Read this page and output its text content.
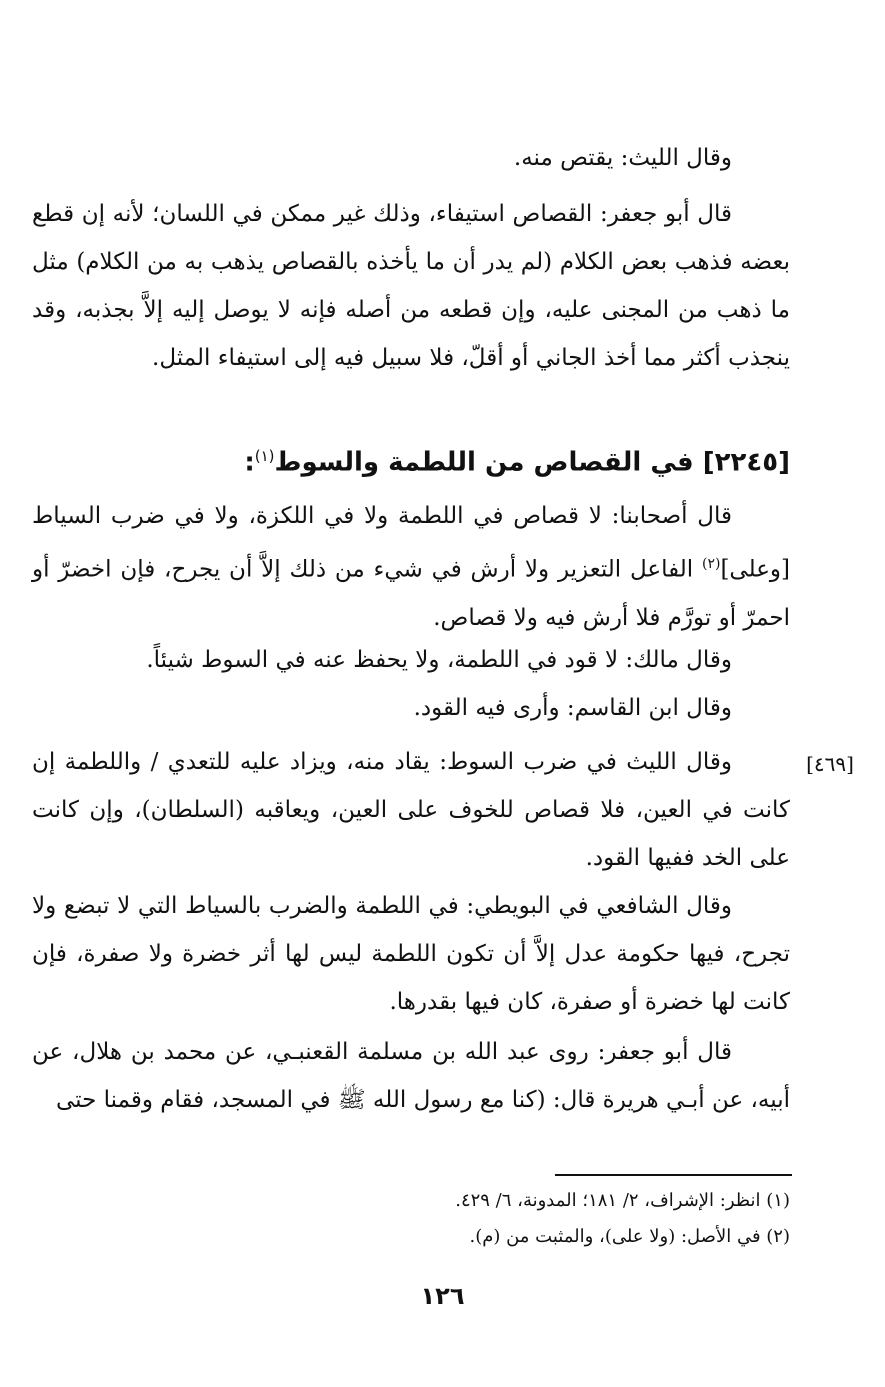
وقال الليث: يقتص منه.

قال أبو جعفر: القصاص استيفاء، وذلك غير ممكن في اللسان؛ لأنه إن قطع بعضه فذهب بعض الكلام (لم يدر أن ما يأخذه بالقصاص يذهب به من الكلام) مثل ما ذهب من المجنى عليه، وإن قطعه من أصله فإنه لا يوصل إليه إلاَّ بجذبه، وقد ينجذب أكثر مما أخذ الجاني أو أقلّ، فلا سبيل فيه إلى استيفاء المثل.

[٢٢٤٥] في القصاص من اللطمة والسوط$^{(١)}$:

قال أصحابنا: لا قصاص في اللطمة ولا في اللكزة، ولا في ضرب السياط [وعلى]$^{(٢)}$ الفاعل التعزير ولا أرش في شيء من ذلك إلاَّ أن يجرح، فإن اخضرّ أو احمرّ أو تورَّم فلا أرش فيه ولا قصاص.

وقال مالك: لا قود في اللطمة، ولا يحفظ عنه في السوط شيئاً.

وقال ابن القاسم: وأرى فيه القود.

[٤٦٩]

وقال الليث في ضرب السوط: يقاد منه، ويزاد عليه للتعدي / واللطمة إن كانت في العين، فلا قصاص للخوف على العين، ويعاقبه (السلطان)، وإن كانت على الخد ففيها القود.

وقال الشافعي في البويطي: في اللطمة والضرب بالسياط التي لا تبضع ولا تجرح، فيها حكومة عدل إلاَّ أن تكون اللطمة ليس لها أثر خضرة ولا صفرة، فإن كانت لها خضرة أو صفرة، كان فيها بقدرها.

قال أبو جعفر: روى عبد الله بن مسلمة القعنبـي، عن محمد بن هلال، عن أبيه، عن أبـي هريرة قال: (كنا مع رسول الله ﷺ في المسجد، فقام وقمنا حتى

(١) انظر: الإشراف، ٢/ ١٨١؛ المدونة، ٦/ ٤٢٩.
(٢) في الأصل: (ولا على)، والمثبت من (م).
١٢٦
